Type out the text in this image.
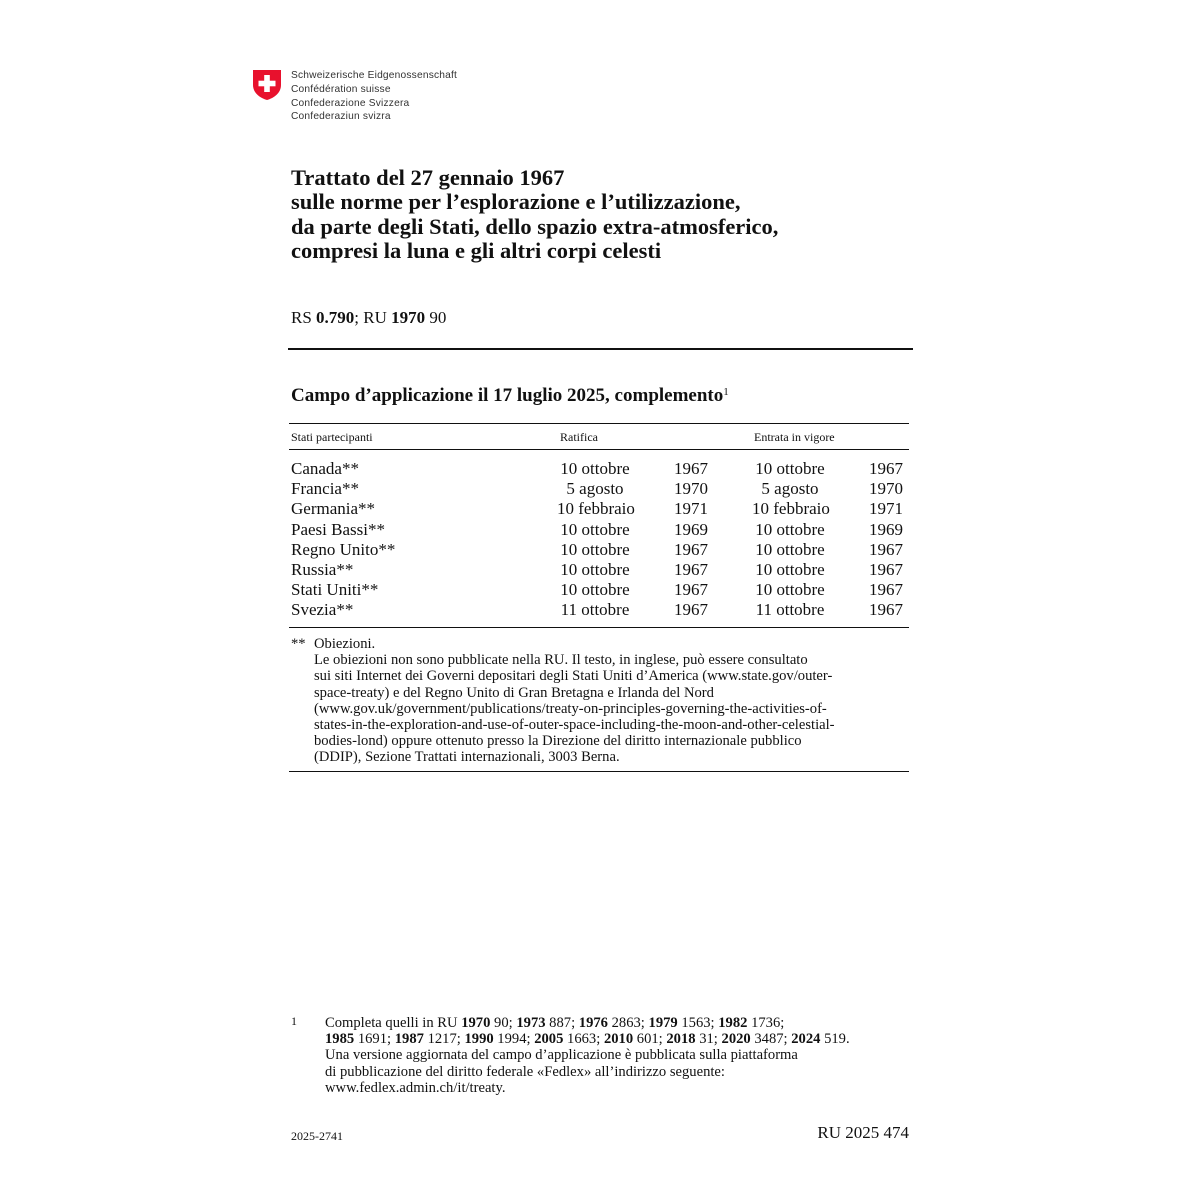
Schweizerische Eidgenossenschaft
Confédération suisse
Confederazione Svizzera
Confederaziun svizra
Trattato del 27 gennaio 1967
sulle norme per l’esplorazione e l’utilizzazione,
da parte degli Stati, dello spazio extra-atmosferico,
compresi la luna e gli altri corpi celesti
RS 0.790; RU 1970 90
Campo d’applicazione il 17 luglio 2025, complemento$^1$
Stati partecipanti	Ratifica	Entrata in vigore
Canada**	10 ottobre	1967	10 ottobre	1967
Francia**	5 agosto	1970	5 agosto	1970
Germania**	10 febbraio 1971	10 febbraio 1971
Paesi Bassi**	10 ottobre	1969	10 ottobre	1969
Regno Unito**	10 ottobre	1967	10 ottobre	1967
Russia**	10 ottobre	1967	10 ottobre	1967
Stati Uniti**	10 ottobre	1967	10 ottobre	1967
Svezia**	11 ottobre	1967	11 ottobre	1967
** Obiezioni.
Le obiezioni non sono pubblicate nella RU. Il testo, in inglese, può essere consultato
sui siti Internet dei Governi depositari degli Stati Uniti d’America (www.state.gov/outer-
space-treaty) e del Regno Unito di Gran Bretagna e Irlanda del Nord
(www.gov.uk/government/publications/treaty-on-principles-governing-the-activities-of-
states-in-the-exploration-and-use-of-outer-space-including-the-moon-and-other-celestial-
bodies-lond) oppure ottenuto presso la Direzione del diritto internazionale pubblico
(DDIP), Sezione Trattati internazionali, 3003 Berna.
1 Completa quelli in RU 1970 90; 1973 887; 1976 2863; 1979 1563; 1982 1736;
1985 1691; 1987 1217; 1990 1994; 2005 1663; 2010 601; 2018 31; 2020 3487; 2024 519.
Una versione aggiornata del campo d’applicazione è pubblicata sulla piattaforma
di pubblicazione del diritto federale «Fedlex» all’indirizzo seguente:
www.fedlex.admin.ch/it/treaty.
2025-2741	RU 2025 474
